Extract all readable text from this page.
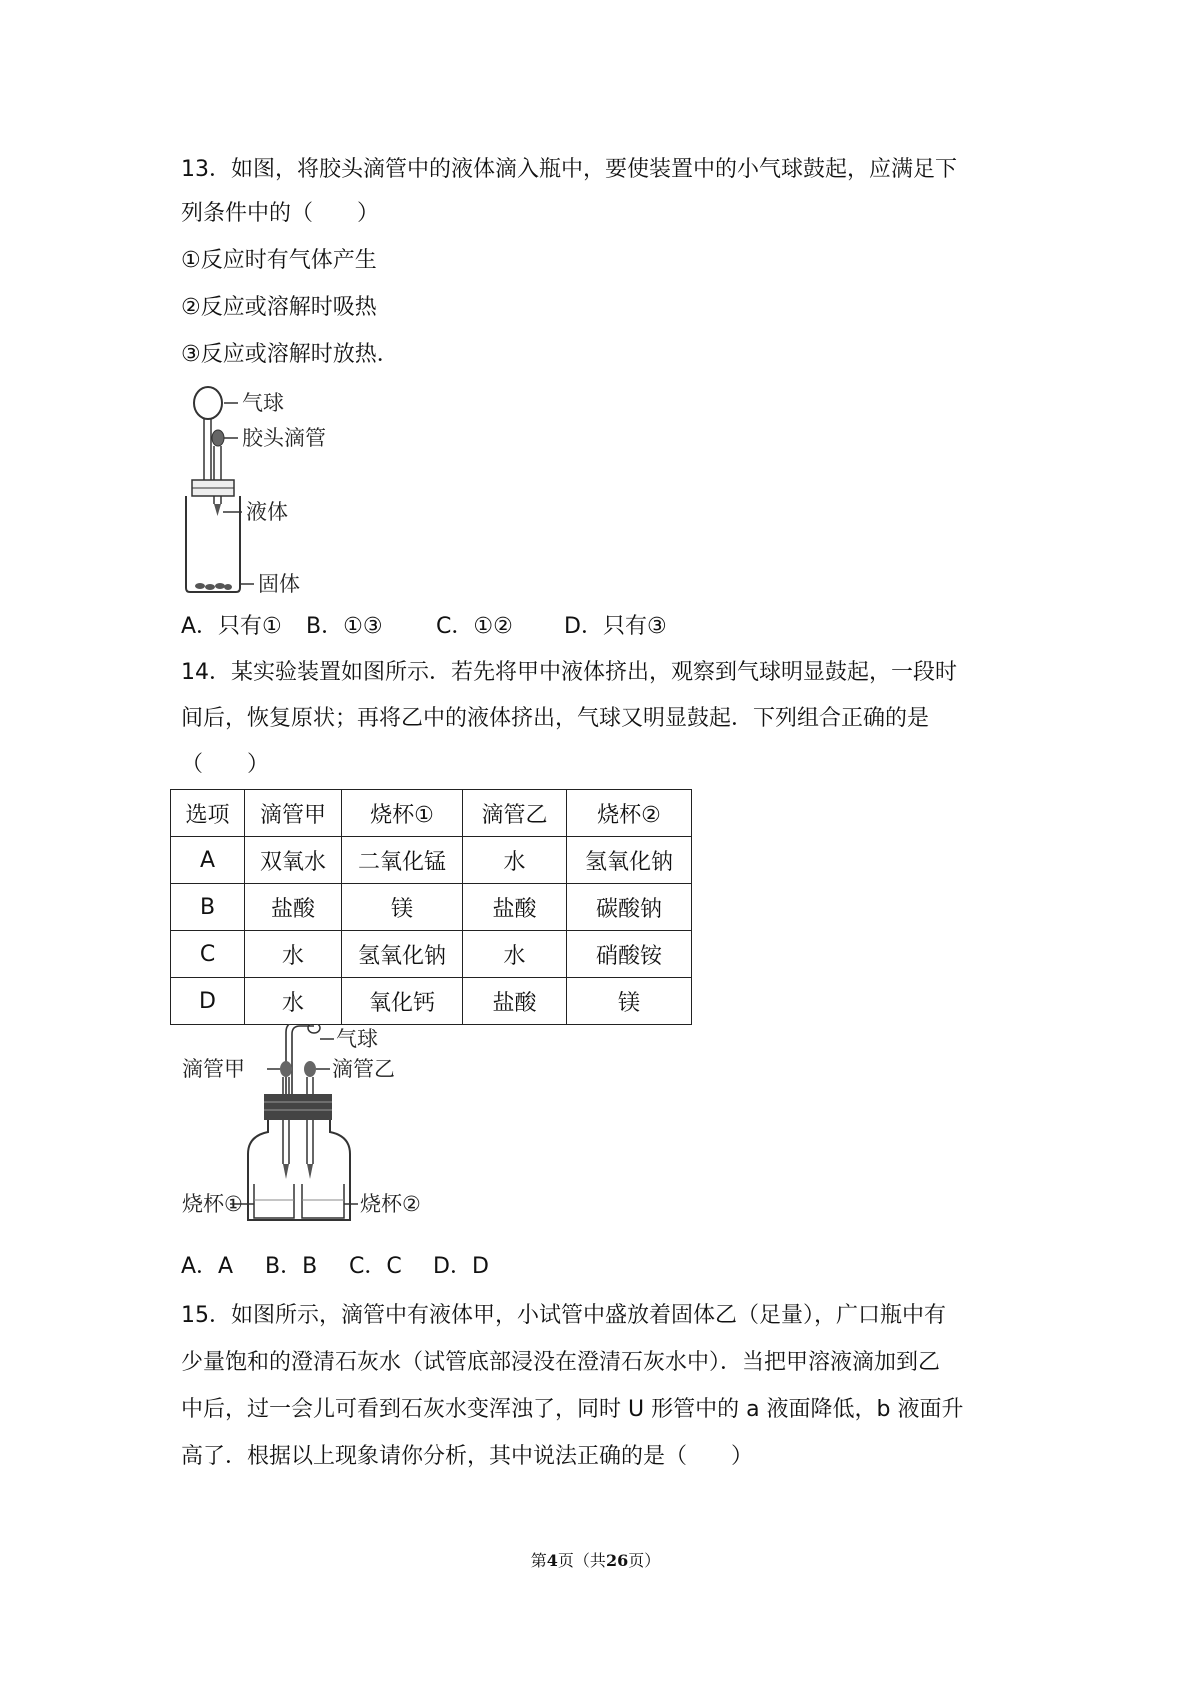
13．如图，将胶头滴管中的液体滴入瓶中，要使装置中的小气球鼓起，应满足下
列条件中的（　　）
①反应时有气体产生
②反应或溶解时吸热
③反应或溶解时放热．
气球
胶头滴管
液体
固体
A．只有① B．①③ C．①② D．只有③
14．某实验装置如图所示．若先将甲中液体挤出，观察到气球明显鼓起，一段时
间后，恢复原状；再将乙中的液体挤出，气球又明显鼓起．下列组合正确的是
（　　）
选项	滴管甲	烧杯①	滴管乙	烧杯②
A	双氧水	二氧化锰	水	氢氧化钠
B	盐酸	镁	盐酸	碳酸钠
C	水	氢氧化钠	水	硝酸铵
D	水	氧化钙	盐酸	镁
气球
滴管甲	滴管乙
烧杯①	烧杯②
A．A B．B C．C D．D
15．如图所示，滴管中有液体甲，小试管中盛放着固体乙（足量），广口瓶中有
少量饱和的澄清石灰水（试管底部浸没在澄清石灰水中）．当把甲溶液滴加到乙
中后，过一会儿可看到石灰水变浑浊了，同时 U 形管中的 a 液面降低，b 液面升
高了．根据以上现象请你分析，其中说法正确的是（　　）
第4页（共26页）
